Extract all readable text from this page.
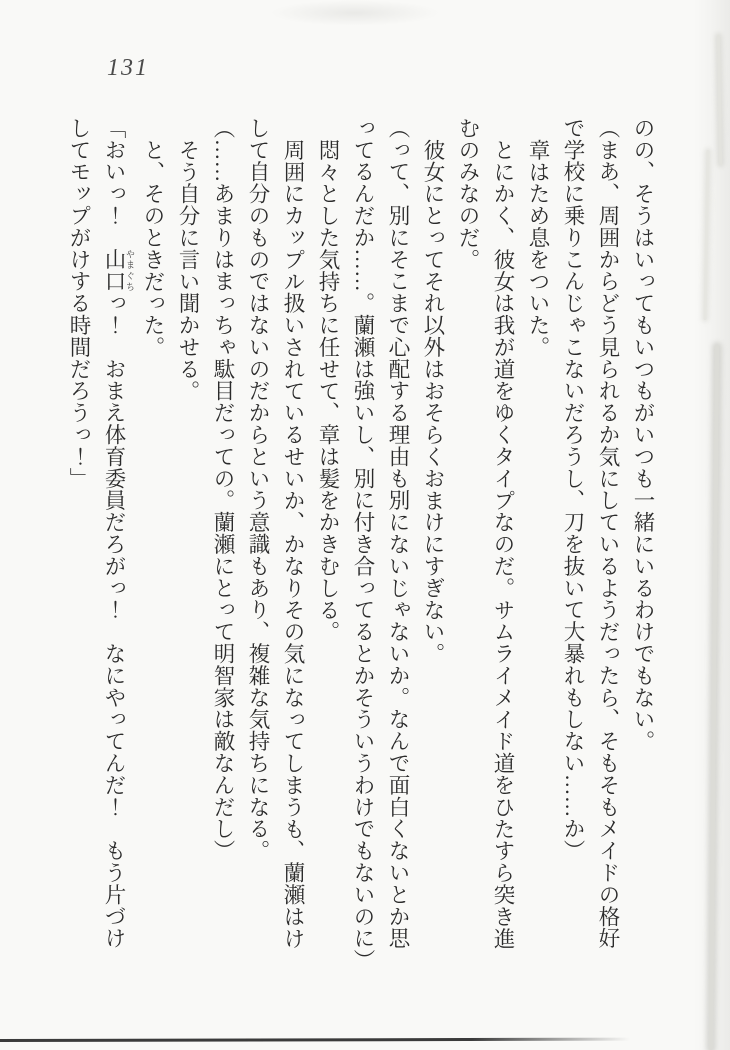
131
のの、そうはいってもいつもがいつも一緒にいるわけでもない。
（まあ、周囲からどう見られるか気にしているようだったら、そもそもメイドの格好
で学校に乗りこんじゃこないだろうし、刀を抜いて大暴れもしない……か）
章はため息をついた。
とにかく、彼女は我が道をゆくタイプなのだ。サムライメイド道をひたすら突き進
むのみなのだ。
彼女にとってそれ以外はおそらくおまけにすぎない。
（って、別にそこまで心配する理由も別にないじゃないか。なんで面白くないとか思
ってるんだか……。蘭瀬は強いし、別に付き合ってるとかそういうわけでもないのに）
悶々とした気持ちに任せて、章は髪をかきむしる。
周囲にカップル扱いされているせいか、かなりその気になってしまうも、蘭瀬はけ
して自分のものではないのだからという意識もあり、複雑な気持ちになる。
（……あまりはまっちゃ駄目だっての。蘭瀬にとって明智家は敵なんだし）
そう自分に言い聞かせる。
と、そのときだった。
「おいっ！　山口 やまぐちっ！　おまえ体育委員だろがっ！　なにやってんだ！　もう片づけ
してモップがけする時間だろうっ！」
